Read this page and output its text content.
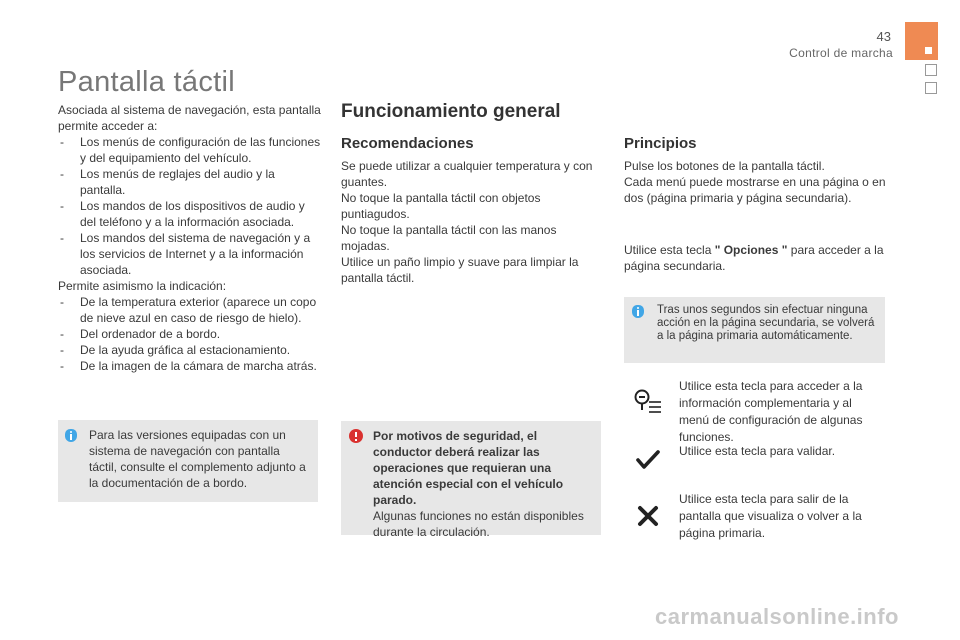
43
Control de marcha
Pantalla táctil

Asociada al sistema de navegación, esta pantalla permite acceder a:

- Los menús de configuración de las funciones y del equipamiento del vehículo.
- Los menús de reglajes del audio y la pantalla.
- Los mandos de los dispositivos de audio y del teléfono y a la información asociada.
- Los mandos del sistema de navegación y a los servicios de Internet y a la información asociada.

Permite asimismo la indicación:

- De la temperatura exterior (aparece un copo de nieve azul en caso de riesgo de hielo).
- Del ordenador de a bordo.
- De la ayuda gráfica al estacionamiento.
- De la imagen de la cámara de marcha atrás.
Para las versiones equipadas con un sistema de navegación con pantalla táctil, consulte el complemento adjunto a la documentación de a bordo.
Funcionamiento general
Recomendaciones

Se puede utilizar a cualquier temperatura y con guantes.

No toque la pantalla táctil con objetos puntiagudos.

No toque la pantalla táctil con las manos mojadas.

Utilice un paño limpio y suave para limpiar la pantalla táctil.

Por motivos de seguridad, el conductor deberá realizar las operaciones que requieran una atención especial con el vehículo parado.
Algunas funciones no están disponibles durante la circulación.
Principios

Pulse los botones de la pantalla táctil.

Cada menú puede mostrarse en una página o en dos (página primaria y página secundaria).

Utilice esta tecla " Opciones " para acceder a la página secundaria.
Tras unos segundos sin efectuar ninguna acción en la página secundaria, se volverá a la página primaria automáticamente.
Utilice esta tecla para acceder a la información complementaria y al menú de configuración de algunas funciones.
Utilice esta tecla para validar.
Utilice esta tecla para salir de la pantalla que visualiza o volver a la página primaria.
carmanualsonline.info
